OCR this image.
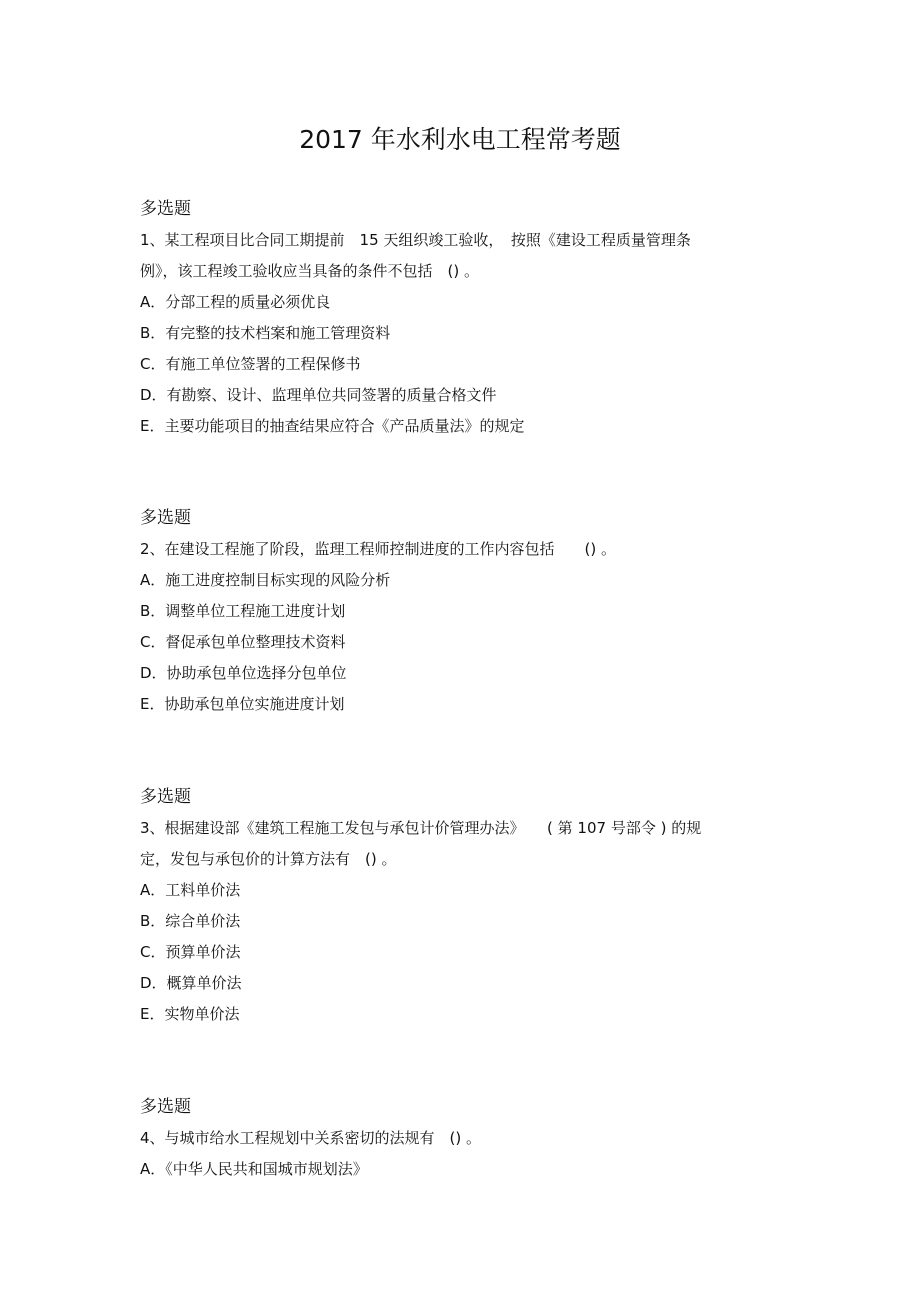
2017 年水利水电工程常考题
多选题
1、某工程项目比合同工期提前　15 天组织竣工验收，　按照《建设工程质量管理条
例》，该工程竣工验收应当具备的条件不包括　() 。
A．分部工程的质量必须优良
B．有完整的技术档案和施工管理资料
C．有施工单位签署的工程保修书
D．有勘察、设计、监理单位共同签署的质量合格文件
E．主要功能项目的抽查结果应符合《产品质量法》的规定
多选题
2、在建设工程施了阶段，监理工程师控制进度的工作内容包括　　() 。
A．施工进度控制目标实现的风险分析
B．调整单位工程施工进度计划
C．督促承包单位整理技术资料
D．协助承包单位选择分包单位
E．协助承包单位实施进度计划
多选题
3、根据建设部《建筑工程施工发包与承包计价管理办法》　　( 第 107 号部令 ) 的规
定，发包与承包价的计算方法有　() 。
A．工料单价法
B．综合单价法
C．预算单价法
D．概算单价法
E．实物单价法
多选题
4、与城市给水工程规划中关系密切的法规有　() 。
A．《中华人民共和国城市规划法》
